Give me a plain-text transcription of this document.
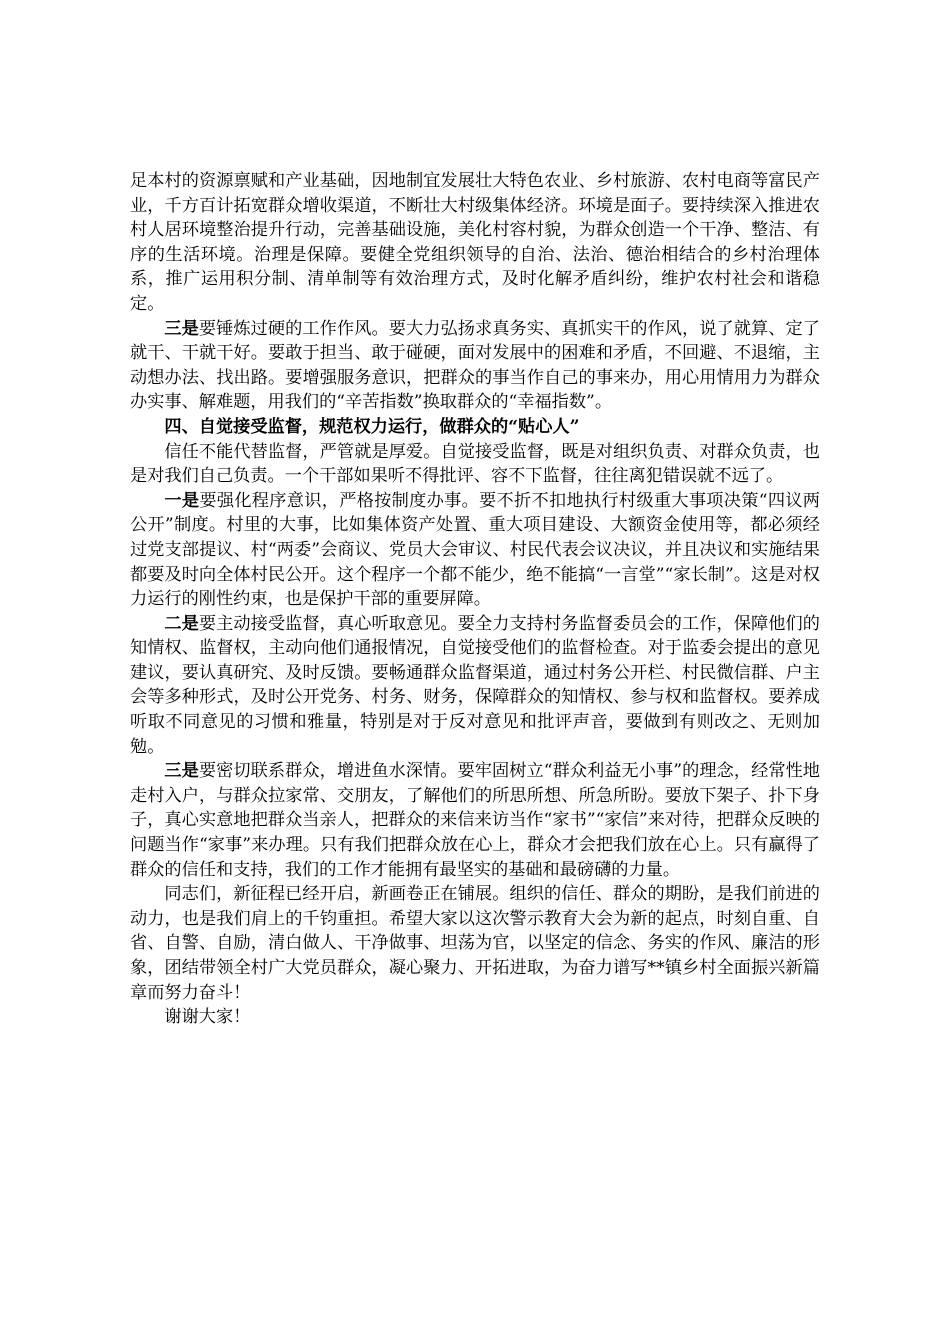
足本村的资源禀赋和产业基础，因地制宜发展壮大特色农业、乡村旅游、农村电商等富民产业，千方百计拓宽群众增收渠道，不断壮大村级集体经济。环境是面子。要持续深入推进农村人居环境整治提升行动，完善基础设施，美化村容村貌，为群众创造一个干净、整洁、有序的生活环境。治理是保障。要健全党组织领导的自治、法治、德治相结合的乡村治理体系，推广运用积分制、清单制等有效治理方式，及时化解矛盾纠纷，维护农村社会和谐稳定。

三是要锤炼过硬的工作作风。要大力弘扬求真务实、真抓实干的作风，说了就算、定了就干、干就干好。要敢于担当、敢于碰硬，面对发展中的困难和矛盾，不回避、不退缩，主动想办法、找出路。要增强服务意识，把群众的事当作自己的事来办，用心用情用力为群众办实事、解难题，用我们的“辛苦指数”换取群众的“幸福指数”。

四、自觉接受监督，规范权力运行，做群众的“贴心人”

信任不能代替监督，严管就是厚爱。自觉接受监督，既是对组织负责、对群众负责，也是对我们自己负责。一个干部如果听不得批评、容不下监督，往往离犯错误就不远了。

一是要强化程序意识，严格按制度办事。要不折不扣地执行村级重大事项决策“四议两公开”制度。村里的大事，比如集体资产处置、重大项目建设、大额资金使用等，都必须经过党支部提议、村“两委”会商议、党员大会审议、村民代表会议决议，并且决议和实施结果都要及时向全体村民公开。这个程序一个都不能少，绝不能搞“一言堂”“家长制”。这是对权力运行的刚性约束，也是保护干部的重要屏障。

二是要主动接受监督，真心听取意见。要全力支持村务监督委员会的工作，保障他们的知情权、监督权，主动向他们通报情况，自觉接受他们的监督检查。对于监委会提出的意见建议，要认真研究、及时反馈。要畅通群众监督渠道，通过村务公开栏、村民微信群、户主会等多种形式，及时公开党务、村务、财务，保障群众的知情权、参与权和监督权。要养成听取不同意见的习惯和雅量，特别是对于反对意见和批评声音，要做到有则改之、无则加勉。

三是要密切联系群众，增进鱼水深情。要牢固树立“群众利益无小事”的理念，经常性地走村入户，与群众拉家常、交朋友，了解他们的所思所想、所急所盼。要放下架子、扑下身子，真心实意地把群众当亲人，把群众的来信来访当作“家书”“家信”来对待，把群众反映的问题当作“家事”来办理。只有我们把群众放在心上，群众才会把我们放在心上。只有赢得了群众的信任和支持，我们的工作才能拥有最坚实的基础和最磅礴的力量。

同志们，新征程已经开启，新画卷正在铺展。组织的信任、群众的期盼，是我们前进的动力，也是我们肩上的千钧重担。希望大家以这次警示教育大会为新的起点，时刻自重、自省、自警、自励，清白做人、干净做事、坦荡为官，以坚定的信念、务实的作风、廉洁的形象，团结带领全村广大党员群众，凝心聚力、开拓进取，为奋力谱写**镇乡村全面振兴新篇章而努力奋斗！

谢谢大家！
